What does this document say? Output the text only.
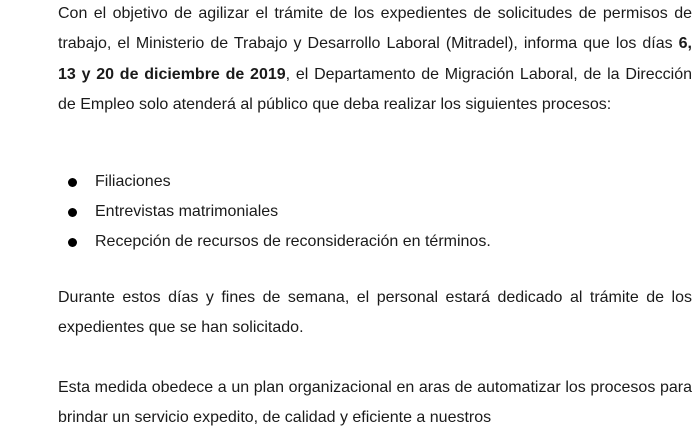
Con el objetivo de agilizar el trámite de los expedientes de solicitudes de permisos de trabajo, el Ministerio de Trabajo y Desarrollo Laboral (Mitradel), informa que los días 6, 13 y 20 de diciembre de 2019, el Departamento de Migración Laboral, de la Dirección de Empleo solo atenderá al público que deba realizar los siguientes procesos:

Filiaciones
Entrevistas matrimoniales
Recepción de recursos de reconsideración en términos.

Durante estos días y fines de semana, el personal estará dedicado al trámite de los expedientes que se han solicitado.

Esta medida obedece a un plan organizacional en aras de automatizar los procesos para brindar un servicio expedito, de calidad y eficiente a nuestros
